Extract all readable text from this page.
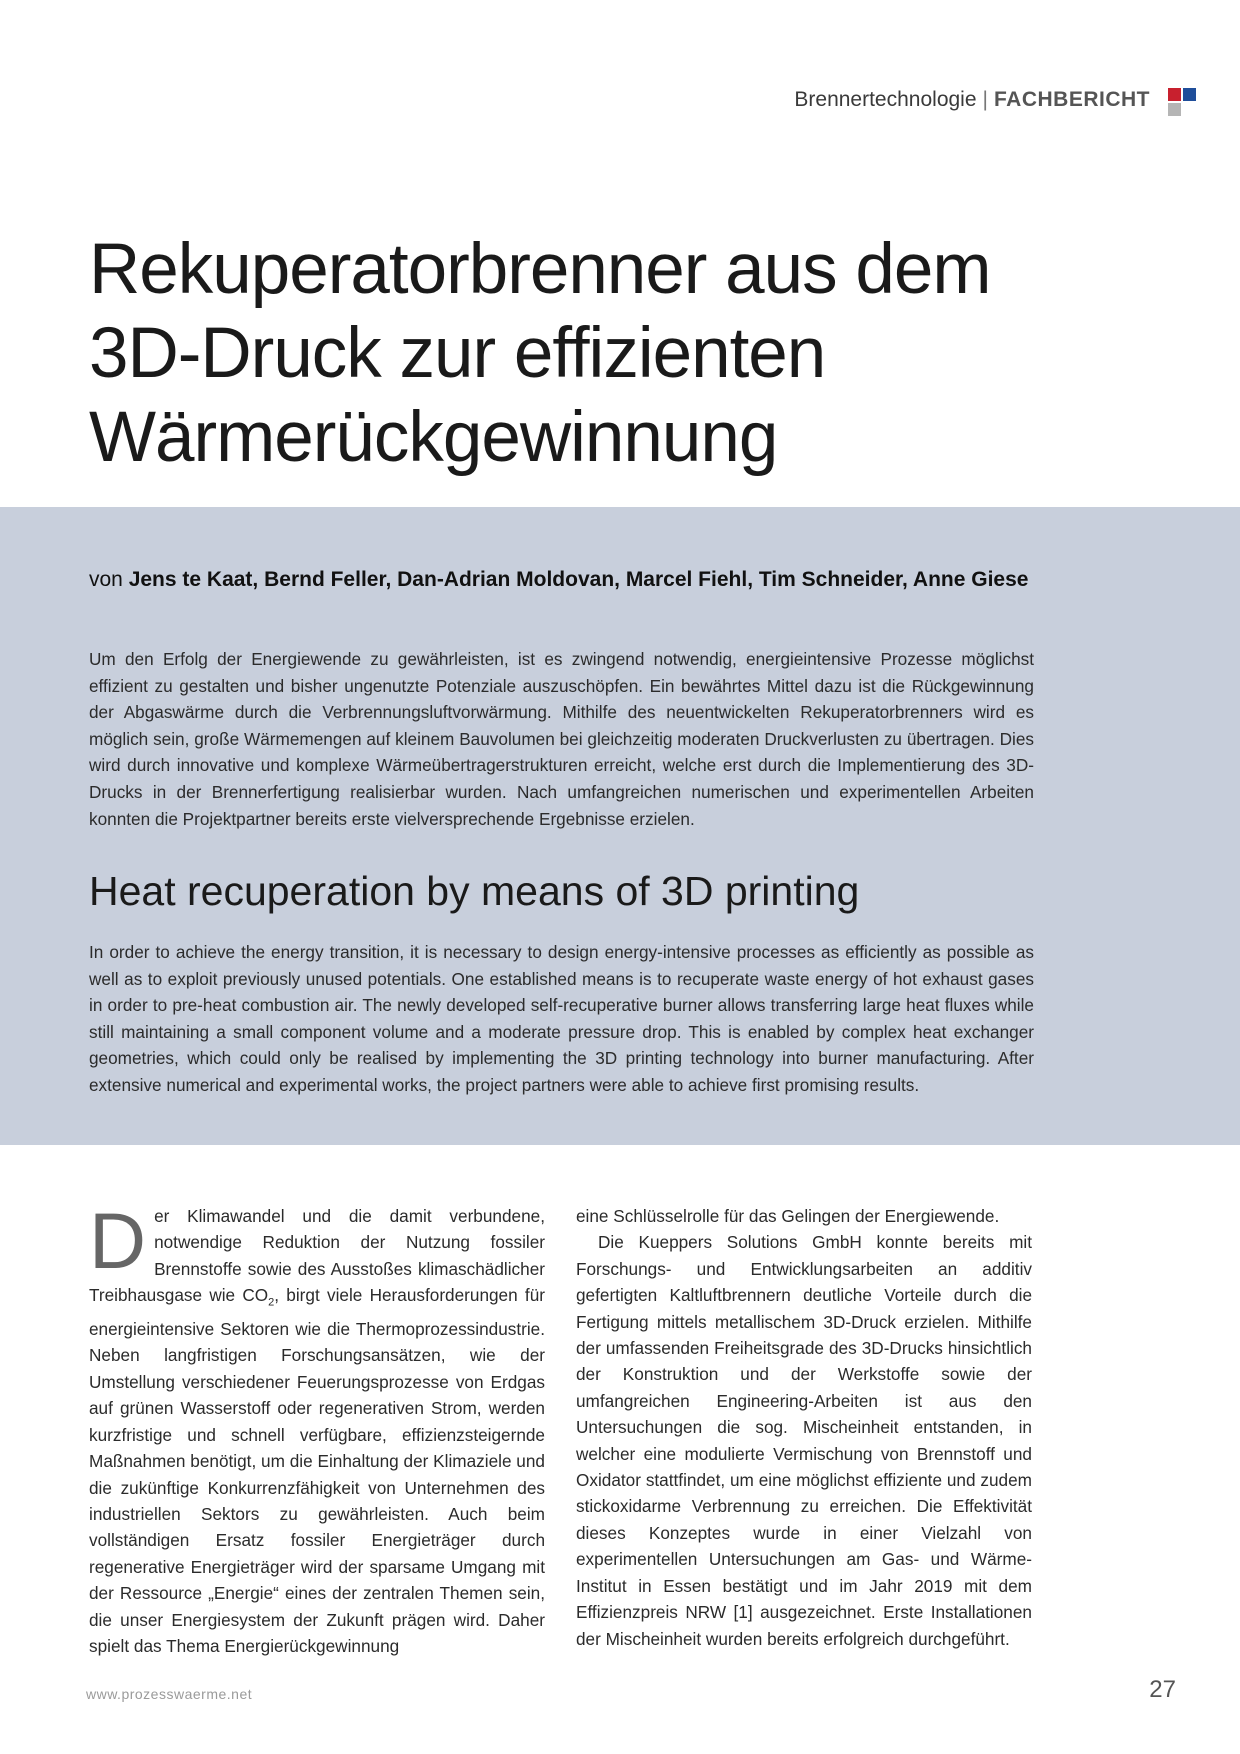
Brennertechnologie | FACHBERICHT
Rekuperatorbrenner aus dem
3D-Druck zur effizienten
Wärmerückgewinnung
von Jens te Kaat, Bernd Feller, Dan-Adrian Moldovan, Marcel Fiehl, Tim Schneider, Anne Giese

Um den Erfolg der Energiewende zu gewährleisten, ist es zwingend notwendig, energieintensive Prozesse möglichst effizient zu gestalten und bisher ungenutzte Potenziale auszuschöpfen. Ein bewährtes Mittel dazu ist die Rückgewinnung der Abgaswärme durch die Verbrennungsluftvorwärmung. Mithilfe des neuentwickelten Rekuperatorbrenners wird es möglich sein, große Wärmemengen auf kleinem Bauvolumen bei gleichzeitig moderaten Druckverlusten zu übertragen. Dies wird durch innovative und komplexe Wärmeübertragerstrukturen erreicht, welche erst durch die Implementierung des 3D-Drucks in der Brennerfertigung realisierbar wurden. Nach umfangreichen numerischen und experimentellen Arbeiten konnten die Projektpartner bereits erste vielversprechende Ergebnisse erzielen.

Heat recuperation by means of 3D printing

In order to achieve the energy transition, it is necessary to design energy-intensive processes as efficiently as possible as well as to exploit previously unused potentials. One established means is to recuperate waste energy of hot exhaust gases in order to pre-heat combustion air. The newly developed self-recuperative burner allows transferring large heat fluxes while still maintaining a small component volume and a moderate pressure drop. This is enabled by complex heat exchanger geometries, which could only be realised by implementing the 3D printing technology into burner manufacturing. After extensive numerical and experimental works, the project partners were able to achieve first promising results.

Der Klimawandel und die damit verbundene, notwendige Reduktion der Nutzung fossiler Brennstoffe sowie des Ausstoßes klimaschädlicher Treibhausgase wie $CO_2$, birgt viele Herausforderungen für energieintensive Sektoren wie die Thermoprozessindustrie. Neben langfristigen Forschungsansätzen, wie der Umstellung verschiedener Feuerungsprozesse von Erdgas auf grünen Wasserstoff oder regenerativen Strom, werden kurzfristige und schnell verfügbare, effizienzsteigernde Maßnahmen benötigt, um die Einhaltung der Klimaziele und die zukünftige Konkurrenzfähigkeit von Unternehmen des industriellen Sektors zu gewährleisten. Auch beim vollständigen Ersatz fossiler Energieträger durch regenerative Energieträger wird der sparsame Umgang mit der Ressource „Energie“ eines der zentralen Themen sein, die unser Energiesystem der Zukunft prägen wird. Daher spielt das Thema Energierückgewinnung

eine Schlüsselrolle für das Gelingen der Energiewende.
Die Kueppers Solutions GmbH konnte bereits mit Forschungs- und Entwicklungsarbeiten an additiv gefertigten Kaltluftbrennern deutliche Vorteile durch die Fertigung mittels metallischem 3D-Druck erzielen. Mithilfe der umfassenden Freiheitsgrade des 3D-Drucks hinsichtlich der Konstruktion und der Werkstoffe sowie der umfangreichen Engineering-Arbeiten ist aus den Untersuchungen die sog. Mischeinheit entstanden, in welcher eine modulierte Vermischung von Brennstoff und Oxidator stattfindet, um eine möglichst effiziente und zudem stickoxidarme Verbrennung zu erreichen. Die Effektivität dieses Konzeptes wurde in einer Vielzahl von experimentellen Untersuchungen am Gas- und Wärme-Institut in Essen bestätigt und im Jahr 2019 mit dem Effizienzpreis NRW [1] ausgezeichnet. Erste Installationen der Mischeinheit wurden bereits erfolgreich durchgeführt.
www.prozesswaerme.net	27
